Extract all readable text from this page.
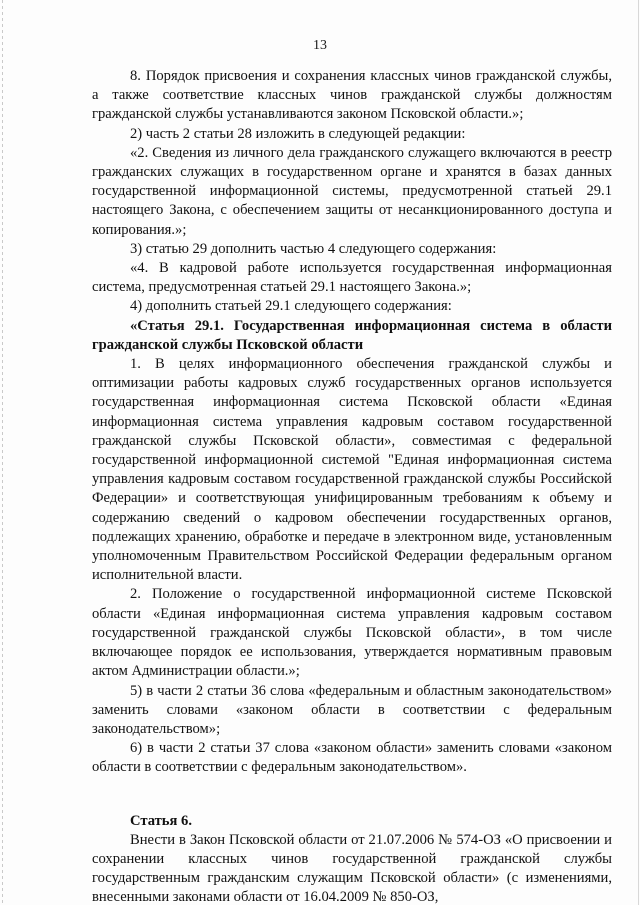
13

8. Порядок присвоения и сохранения классных чинов гражданской службы, а также соответствие классных чинов гражданской службы должностям гражданской службы устанавливаются законом Псковской области.»;

2) часть 2 статьи 28 изложить в следующей редакции:

«2. Сведения из личного дела гражданского служащего включаются в реестр гражданских служащих в государственном органе и хранятся в базах данных государственной информационной системы, предусмотренной статьей 29.1 настоящего Закона, с обеспечением защиты от несанкционированного доступа и копирования.»;

3) статью 29 дополнить частью 4 следующего содержания:

«4. В кадровой работе используется государственная информационная система, предусмотренная статьей 29.1 настоящего Закона.»;

4) дополнить статьей 29.1 следующего содержания:

«Статья 29.1. Государственная информационная система в области гражданской службы Псковской области

1. В целях информационного обеспечения гражданской службы и оптимизации работы кадровых служб государственных органов используется государственная информационная система Псковской области «Единая информационная система управления кадровым составом государственной гражданской службы Псковской области», совместимая с федеральной государственной информационной системой "Единая информационная система управления кадровым составом государственной гражданской службы Российской Федерации» и соответствующая унифицированным требованиям к объему и содержанию сведений о кадровом обеспечении государственных органов, подлежащих хранению, обработке и передаче в электронном виде, установленным уполномоченным Правительством Российской Федерации федеральным органом исполнительной власти.

2. Положение о государственной информационной системе Псковской области «Единая информационная система управления кадровым составом государственной гражданской службы Псковской области», в том числе включающее порядок ее использования, утверждается нормативным правовым актом Администрации области.»;

5) в части 2 статьи 36 слова «федеральным и областным законодательством» заменить словами «законом области в соответствии с федеральным законодательством»;

6) в части 2 статьи 37 слова «законом области» заменить словами «законом области в соответствии с федеральным законодательством».

Статья 6.

Внести в Закон Псковской области от 21.07.2006 № 574-ОЗ «О присвоении и сохранении классных чинов государственной гражданской службы государственным гражданским служащим Псковской области» (с изменениями, внесенными законами области от 16.04.2009 № 850-ОЗ,
